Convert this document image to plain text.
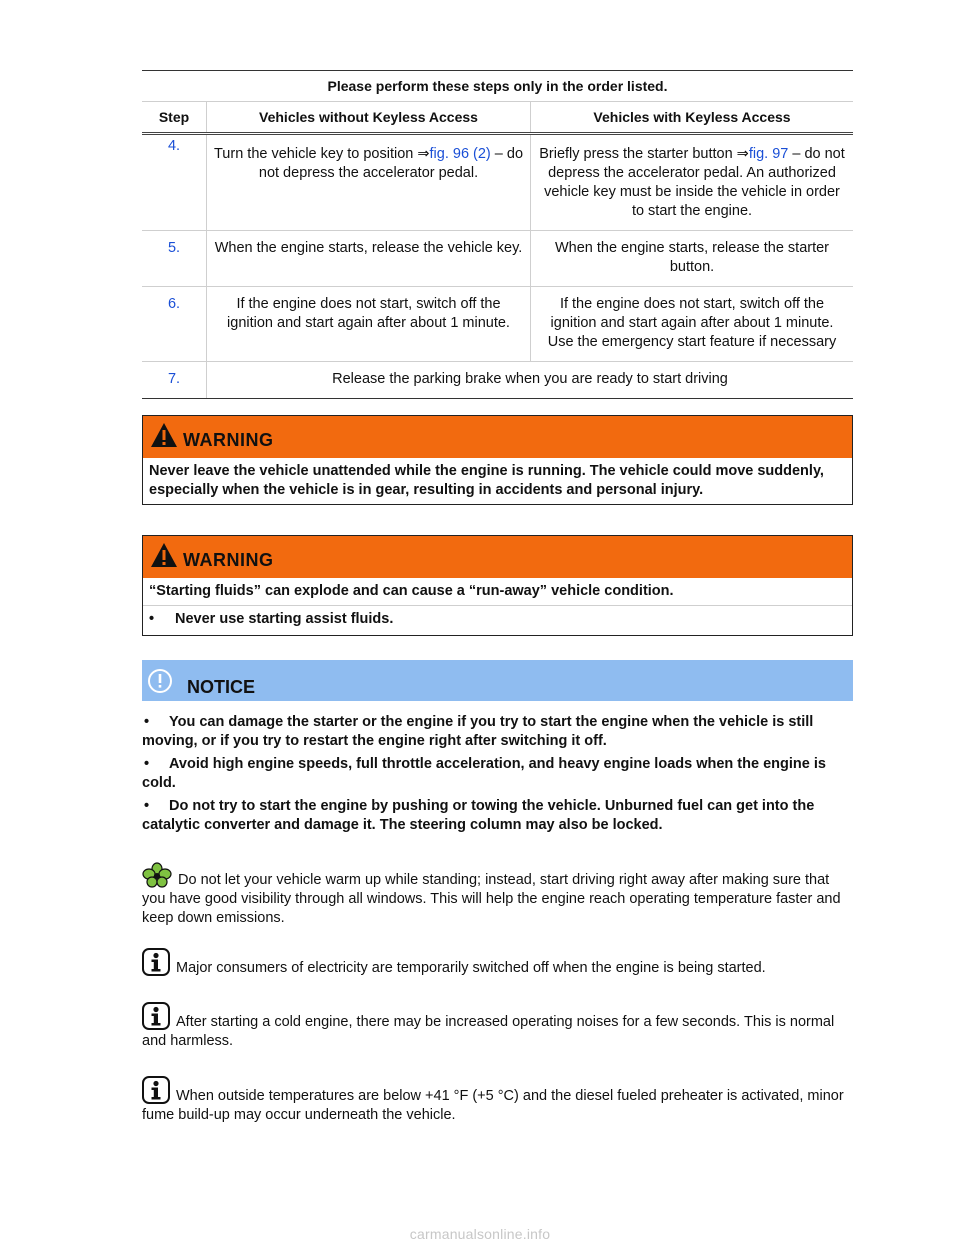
Please perform these steps only in the order listed.		
Step	Vehicles without Keyless Access	Vehicles with Keyless Access
4.	Turn the vehicle key to position ⇒fig. 96 (2) – do not depress the accelerator pedal.	Briefly press the starter button ⇒fig. 97 – do not depress the accelerator pedal. An authorized vehicle key must be inside the vehicle in order to start the engine.
5.	When the engine starts, release the vehicle key.	When the engine starts, release the starter button.
6.	If the engine does not start, switch off the ignition and start again after about 1 minute.	If the engine does not start, switch off the ignition and start again after about 1 minute. Use the emergency start feature if necessary
7.	Release the parking brake when you are ready to start driving	
WARNING
Never leave the vehicle unattended while the engine is running. The vehicle could move suddenly, especially when the vehicle is in gear, resulting in accidents and personal injury.
WARNING
“Starting fluids” can explode and can cause a “run-away” vehicle condition.
• Never use starting assist fluids.
NOTICE
• You can damage the starter or the engine if you try to start the engine when the vehicle is still moving, or if you try to restart the engine right after switching it off.
• Avoid high engine speeds, full throttle acceleration, and heavy engine loads when the engine is cold.
• Do not try to start the engine by pushing or towing the vehicle. Unburned fuel can get into the catalytic converter and damage it. The steering column may also be locked.
Do not let your vehicle warm up while standing; instead, start driving right away after making sure that you have good visibility through all windows. This will help the engine reach operating temperature faster and keep down emissions.
Major consumers of electricity are temporarily switched off when the engine is being started.
After starting a cold engine, there may be increased operating noises for a few seconds. This is normal and harmless.
When outside temperatures are below +41 °F (+5 °C) and the diesel fueled preheater is activated, minor fume build-up may occur underneath the vehicle.
carmanualsonline.info
